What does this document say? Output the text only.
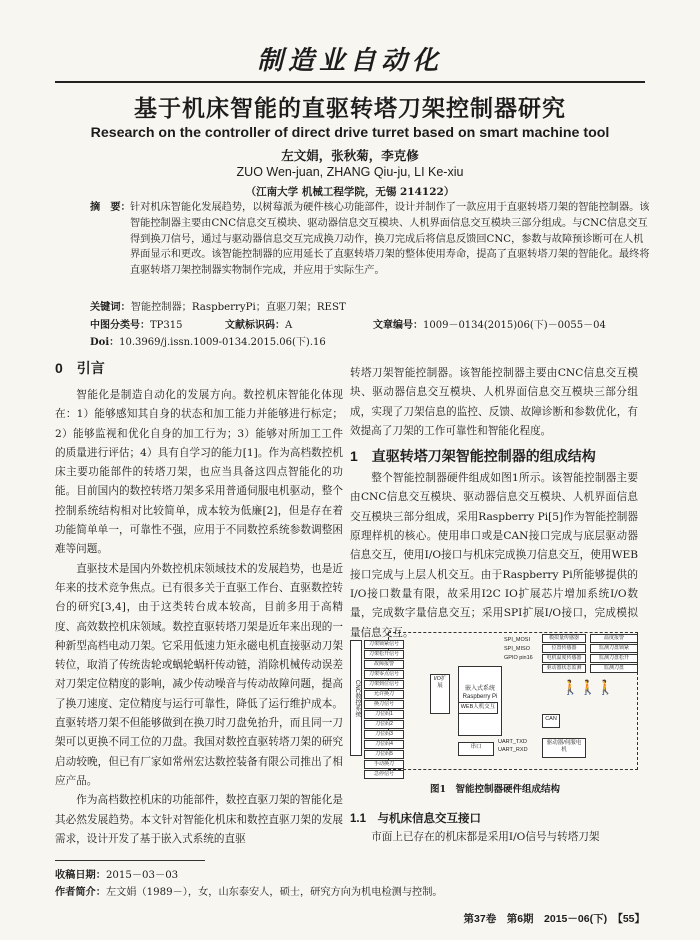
制造业自动化
基于机床智能的直驱转塔刀架控制器研究
Research on the controller of direct drive turret based on smart machine tool
左文娟，张秋菊，李克修
ZUO Wen-juan, ZHANG Qiu-ju, LI Ke-xiu
（江南大学 机械工程学院，无锡 214122）
摘　要： 针对机床智能化发展趋势，以树莓派为硬件核心功能部件，设计并制作了一款应用于直驱转塔刀架的智能控制器。该智能控制器主要由CNC信息交互模块、驱动器信息交互模块、人机界面信息交互模块三部分组成。与CNC信息交互得到换刀信号，通过与驱动器信息交互完成换刀动作，换刀完成后将信息反馈回CNC，参数与故障预诊断可在人机界面显示和更改。该智能控制器的应用延长了直驱转塔刀架的整体使用寿命，提高了直驱转塔刀架的智能化。最终将直驱转塔刀架控制器实物制作完成，并应用于实际生产。
关键词：智能控制器；RaspberryPi；直驱刀架；REST
中图分类号：TP315	文献标识码：A	文章编号：1009－0134(2015)06(下)－0055－04
Doi：10.3969/j.issn.1009-0134.2015.06(下).16
0　引言

智能化是制造自动化的发展方向。数控机床智能化体现在：1）能够感知其自身的状态和加工能力并能够进行标定；2）能够监视和优化自身的加工行为；3）能够对所加工工件的质量进行评估；4）具有自学习的能力[1]。作为高档数控机床主要功能部件的转塔刀架，也应当具备这四点智能化的功能。目前国内的数控转塔刀架多采用普通伺服电机驱动，整个控制系统结构相对比较简单，成本较为低廉[2]，但是存在着功能简单单一，可靠性不强，应用于不同数控系统参数调整困难等问题。

直驱技术是国内外数控机床领域技术的发展趋势，也是近年来的技术竞争焦点。已有很多关于直驱工作台、直驱数控转台的研究[3,4]，由于这类转台成本较高，目前多用于高精度、高效数控机床领域。数控直驱转塔刀架是近年来出现的一种新型高档电动刀架。它采用低速力矩永磁电机直接驱动刀架转位，取消了传统齿轮或蜗轮蜗杆传动链，消除机械传动误差对刀架定位精度的影响，减少传动噪音与传动故障问题，提高了换刀速度、定位精度与运行可靠性，降低了运行维护成本。直驱转塔刀架不但能够做到在换刀时刀盘免抬升，而且同一刀架可以更换不同工位的刀盘。我国对数控直驱转塔刀架的研究启动较晚，但已有厂家如常州宏达数控装备有限公司推出了相应产品。

作为高档数控机床的功能部件，数控直驱刀架的智能化是其必然发展趋势。本文针对智能化机床和数控直驱刀架的发展需求，设计开发了基于嵌入式系统的直驱

转塔刀架智能控制器。该智能控制器主要由CNC信息交互模块、驱动器信息交互模块、人机界面信息交互模块三部分组成，实现了刀架信息的监控、反馈、故障诊断和参数优化，有效提高了刀架的工作可靠性和智能化程度。

1　直驱转塔刀架智能控制器的组成结构

整个智能控制器硬件组成如图1所示。该智能控制器主要由CNC信息交互模块、驱动器信息交互模块、人机界面信息交互模块三部分组成，采用Raspberry Pi[5]作为智能控制器原理样机的核心。使用串口或是CAN接口完成与底层驱动器信息交互，使用I/O接口与机床完成换刀信息交互，使用WEB接口完成与上层人机交互。由于Raspberry Pi所能够提供的I/O接口数量有限，故采用I2C IO扩展芯片增加系统I/O数量，完成数字量信息交互；采用SPI扩展I/O接口，完成模拟量信息交互。

CNC数控系统
刀架锁紧信号
刀架松开信号
故障报警
刀架零点信号
刀架到位信号
允许换刀
换刀信号
刀位码1
刀位码2
刀位码3
刀位码4
刀位码5
手动换刀
急停信号
I/O扩展
嵌入式系统 Raspberry Pi
SPI_MOSI
SPI_MISO
GPIO pin16
模拟量传感器
位置传感器
电机温度传感器
驱动器状态监测
温度报警
监测刀盘锁紧
监测刀盘松开
监测刀盘
🚶🚶🚶
WEB人机交互
CAN
串口
UART_TXD
UART_RXD
驱动器/伺服电机
图1　智能控制器硬件组成结构
1.1　与机床信息交互接口

市面上已存在的机床都是采用I/O信号与转塔刀架

收稿日期：2015－03－03
作者简介：左文娟（1989－），女，山东泰安人，硕士，研究方向为机电检测与控制。
第37卷　第6期　2015－06(下)　【55】
